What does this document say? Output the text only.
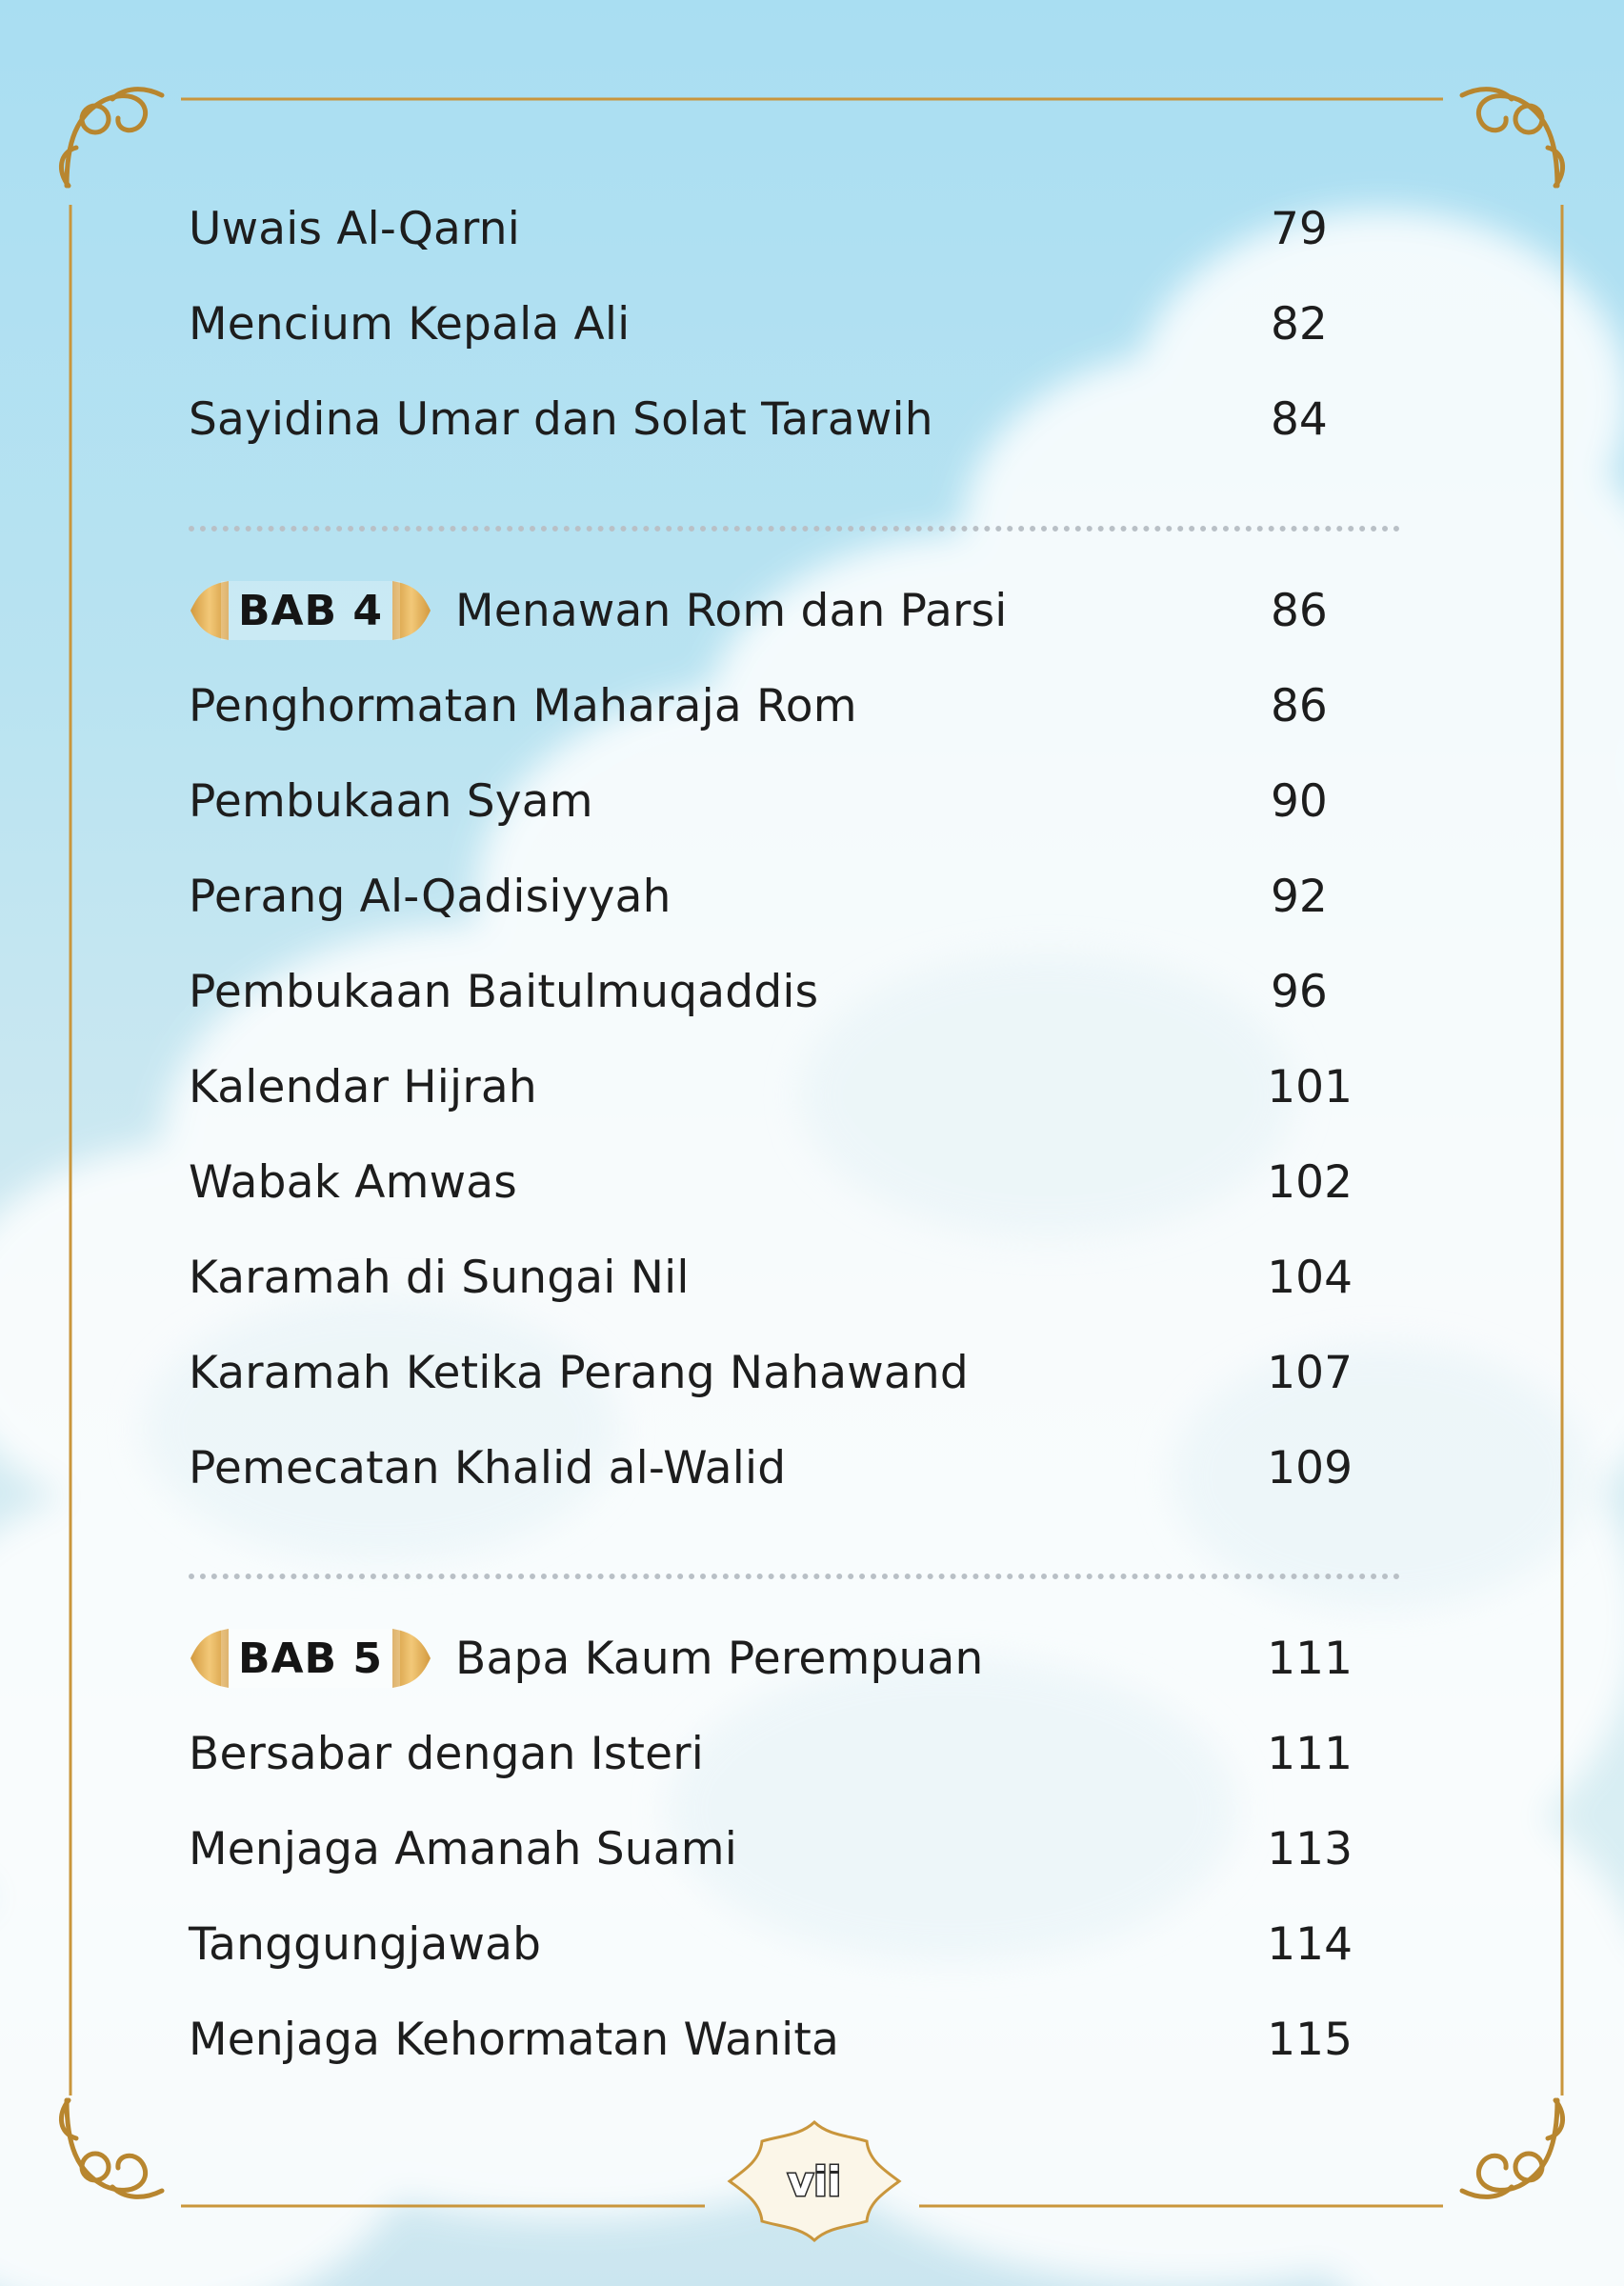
Uwais Al-Qarni	79
Mencium Kepala Ali	82
Sayidina Umar dan Solat Tarawih	84
BAB 4	Menawan Rom dan Parsi	86
Penghormatan Maharaja Rom	86
Pembukaan Syam	90
Perang Al-Qadisiyyah	92
Pembukaan Baitulmuqaddis	96
Kalendar Hijrah	101
Wabak Amwas	102
Karamah di Sungai Nil	104
Karamah Ketika Perang Nahawand	107
Pemecatan Khalid al-Walid	109
BAB 5	Bapa Kaum Perempuan	111
Bersabar dengan Isteri	111
Menjaga Amanah Suami	113
Tanggungjawab	114
Menjaga Kehormatan Wanita	115
vii
